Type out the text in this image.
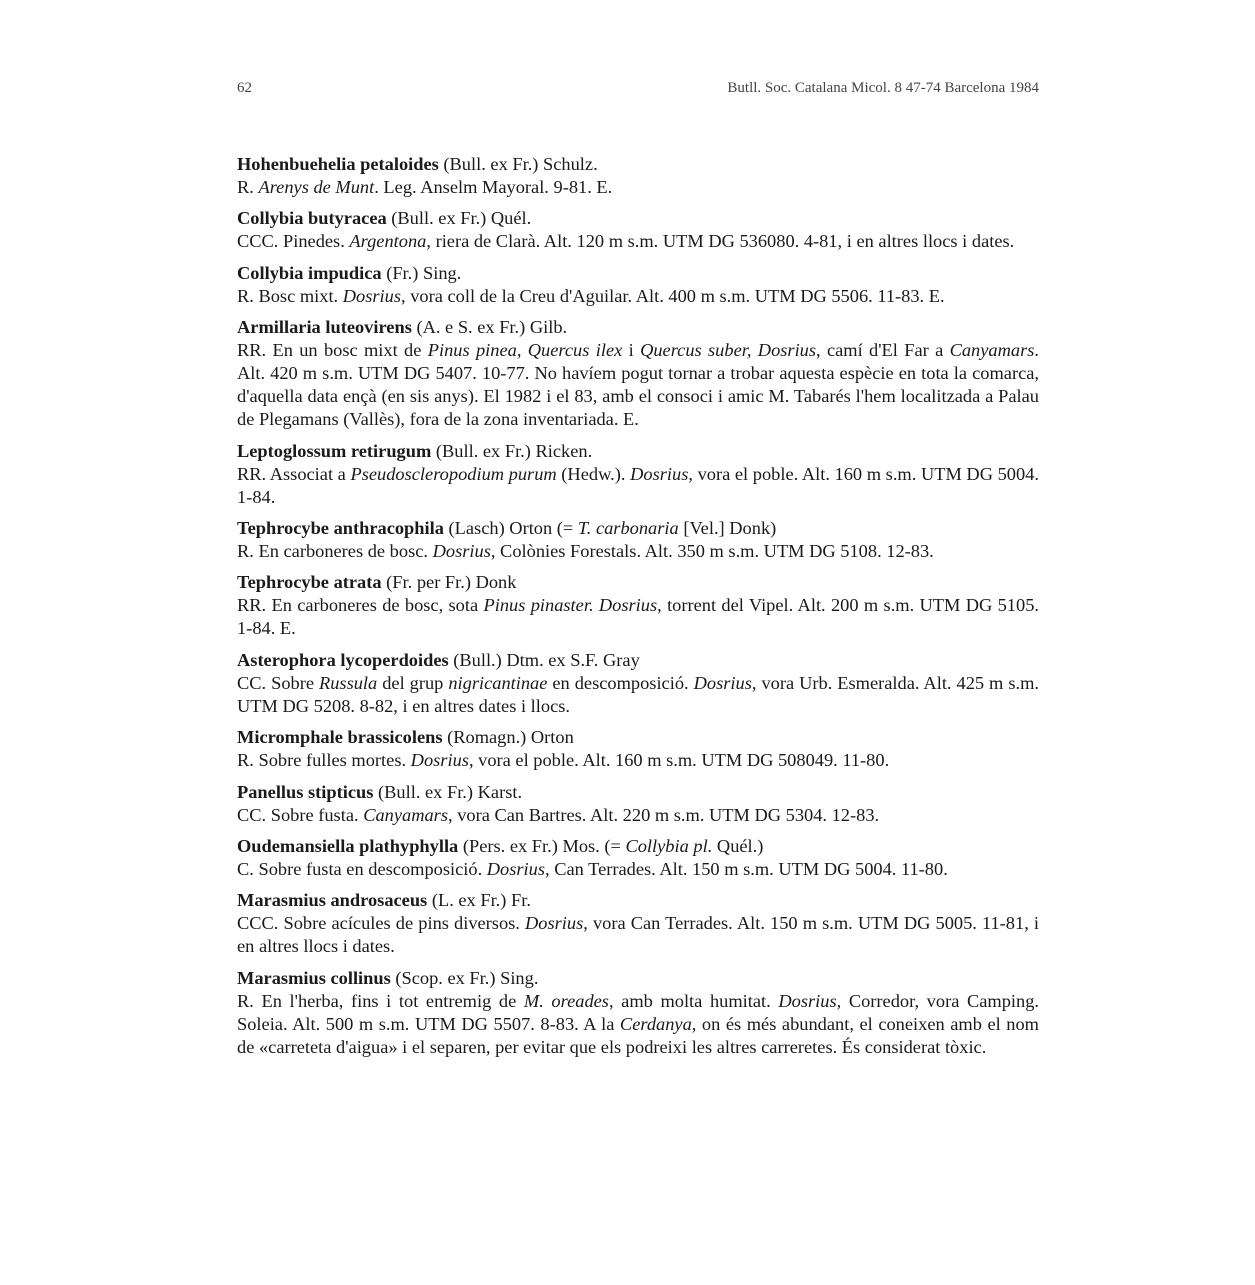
62	Butll. Soc. Catalana Micol. 8 47-74 Barcelona 1984

Hohenbuehelia petaloides (Bull. ex Fr.) Schulz.

R. Arenys de Munt. Leg. Anselm Mayoral. 9-81. E.

Collybia butyracea (Bull. ex Fr.) Quél.

CCC. Pinedes. Argentona, riera de Clarà. Alt. 120 m s.m. UTM DG 536080. 4-81, i en altres llocs i dates.

Collybia impudica (Fr.) Sing.

R. Bosc mixt. Dosrius, vora coll de la Creu d'Aguilar. Alt. 400 m s.m. UTM DG 5506. 11-83. E.

Armillaria luteovirens (A. e S. ex Fr.) Gilb.

RR. En un bosc mixt de Pinus pinea, Quercus ilex i Quercus suber, Dosrius, camí d'El Far a Canyamars. Alt. 420 m s.m. UTM DG 5407. 10-77. No havíem pogut tornar a trobar aquesta espècie en tota la comarca, d'aquella data ençà (en sis anys). El 1982 i el 83, amb el consoci i amic M. Tabarés l'hem localitzada a Palau de Plegamans (Vallès), fora de la zona inventariada. E.

Leptoglossum retirugum (Bull. ex Fr.) Ricken.

RR. Associat a Pseudoscleropodium purum (Hedw.). Dosrius, vora el poble. Alt. 160 m s.m. UTM DG 5004. 1-84.

Tephrocybe anthracophila (Lasch) Orton (= T. carbonaria [Vel.] Donk)

R. En carboneres de bosc. Dosrius, Colònies Forestals. Alt. 350 m s.m. UTM DG 5108. 12-83.

Tephrocybe atrata (Fr. per Fr.) Donk

RR. En carboneres de bosc, sota Pinus pinaster. Dosrius, torrent del Vipel. Alt. 200 m s.m. UTM DG 5105. 1-84. E.

Asterophora lycoperdoides (Bull.) Dtm. ex S.F. Gray

CC. Sobre Russula del grup nigricantinae en descomposició. Dosrius, vora Urb. Esmeralda. Alt. 425 m s.m. UTM DG 5208. 8-82, i en altres dates i llocs.

Micromphale brassicolens (Romagn.) Orton

R. Sobre fulles mortes. Dosrius, vora el poble. Alt. 160 m s.m. UTM DG 508049. 11-80.

Panellus stipticus (Bull. ex Fr.) Karst.

CC. Sobre fusta. Canyamars, vora Can Bartres. Alt. 220 m s.m. UTM DG 5304. 12-83.

Oudemansiella plathyphylla (Pers. ex Fr.) Mos. (= Collybia pl. Quél.)

C. Sobre fusta en descomposició. Dosrius, Can Terrades. Alt. 150 m s.m. UTM DG 5004. 11-80.

Marasmius androsaceus (L. ex Fr.) Fr.

CCC. Sobre acícules de pins diversos. Dosrius, vora Can Terrades. Alt. 150 m s.m. UTM DG 5005. 11-81, i en altres llocs i dates.

Marasmius collinus (Scop. ex Fr.) Sing.

R. En l'herba, fins i tot entremig de M. oreades, amb molta humitat. Dosrius, Corredor, vora Camping. Soleia. Alt. 500 m s.m. UTM DG 5507. 8-83. A la Cerdanya, on és més abundant, el coneixen amb el nom de «carreteta d'aigua» i el separen, per evitar que els podreixi les altres carreretes. És considerat tòxic.
